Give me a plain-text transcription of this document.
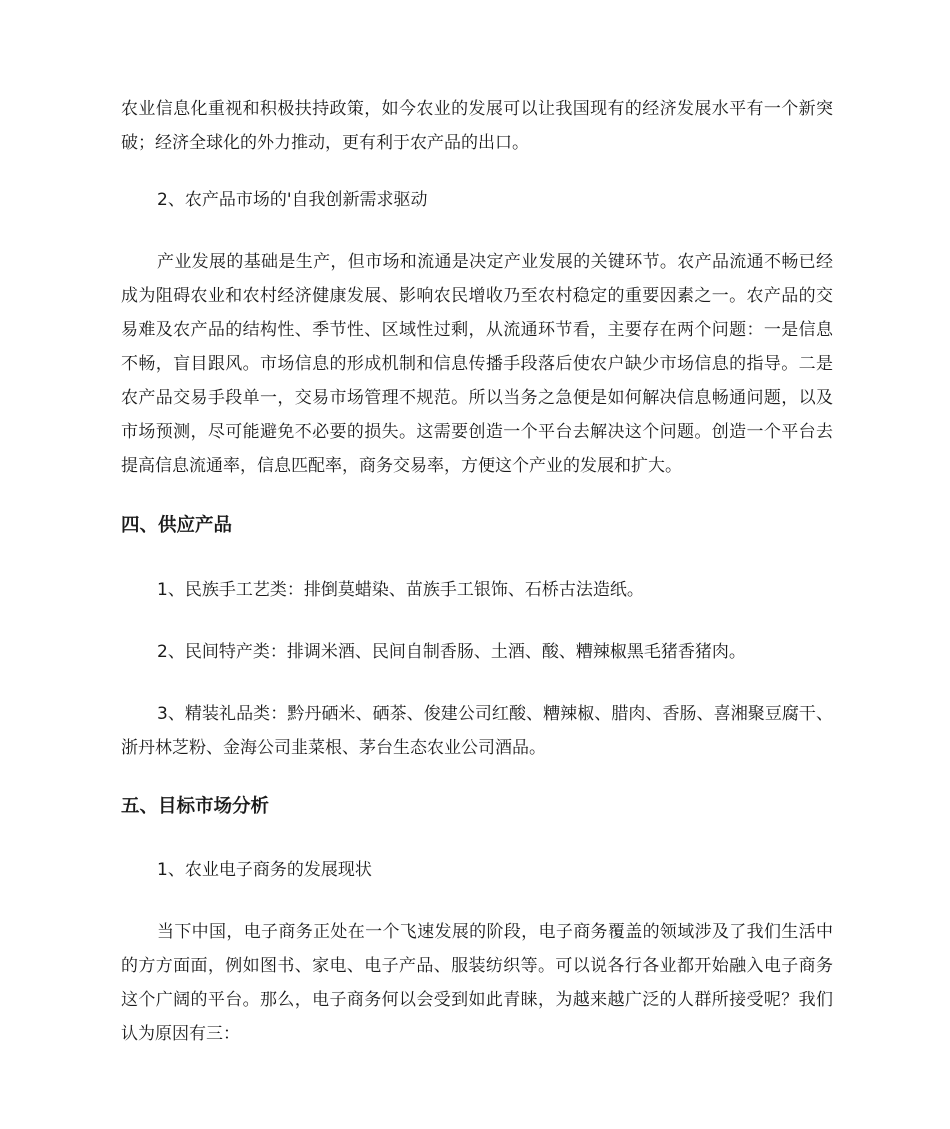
农业信息化重视和积极扶持政策，如今农业的发展可以让我国现有的经济发展水平有一个新突破；经济全球化的外力推动，更有利于农产品的出口。

2、农产品市场的'自我创新需求驱动

产业发展的基础是生产，但市场和流通是决定产业发展的关键环节。农产品流通不畅已经成为阻碍农业和农村经济健康发展、影响农民增收乃至农村稳定的重要因素之一。农产品的交易难及农产品的结构性、季节性、区域性过剩，从流通环节看，主要存在两个问题：一是信息不畅，盲目跟风。市场信息的形成机制和信息传播手段落后使农户缺少市场信息的指导。二是农产品交易手段单一，交易市场管理不规范。所以当务之急便是如何解决信息畅通问题，以及市场预测，尽可能避免不必要的损失。这需要创造一个平台去解决这个问题。创造一个平台去提高信息流通率，信息匹配率，商务交易率，方便这个产业的发展和扩大。

四、供应产品

1、民族手工艺类：排倒莫蜡染、苗族手工银饰、石桥古法造纸。

2、民间特产类：排调米酒、民间自制香肠、土酒、酸、糟辣椒黑毛猪香猪肉。

3、精装礼品类：黔丹硒米、硒茶、俊建公司红酸、糟辣椒、腊肉、香肠、喜湘聚豆腐干、浙丹林芝粉、金海公司韭菜根、茅台生态农业公司酒品。

五、目标市场分析

1、农业电子商务的发展现状

当下中国，电子商务正处在一个飞速发展的阶段，电子商务覆盖的领域涉及了我们生活中的方方面面，例如图书、家电、电子产品、服装纺织等。可以说各行各业都开始融入电子商务这个广阔的平台。那么，电子商务何以会受到如此青睐，为越来越广泛的人群所接受呢？我们认为原因有三：
